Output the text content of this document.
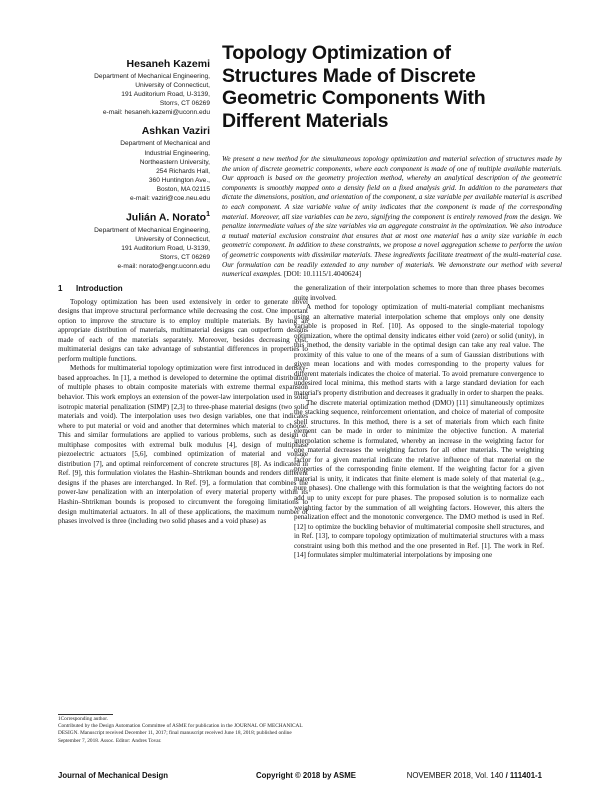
Hesaneh Kazemi
Department of Mechanical Engineering,
University of Connecticut,
191 Auditorium Road, U-3139,
Storrs, CT 06269
e-mail: hesaneh.kazemi@uconn.edu
Ashkan Vaziri
Department of Mechanical and
Industrial Engineering,
Northeastern University,
254 Richards Hall,
360 Huntington Ave.,
Boston, MA 02115
e-mail: vaziri@coe.neu.edu
Julián A. Norato$^1$
Department of Mechanical Engineering,
University of Connecticut,
191 Auditorium Road, U-3139,
Storrs, CT 06269
e-mail: norato@engr.uconn.edu
Topology Optimization of
Structures Made of Discrete
Geometric Components With
Different Materials
We present a new method for the simultaneous topology optimization and material selection of structures made by the union of discrete geometric components, where each component is made of one of multiple available materials. Our approach is based on the geometry projection method, whereby an analytical description of the geometric components is smoothly mapped onto a density field on a fixed analysis grid. In addition to the parameters that dictate the dimensions, position, and orientation of the component, a size variable per available material is ascribed to each component. A size variable value of unity indicates that the component is made of the corresponding material. Moreover, all size variables can be zero, signifying the component is entirely removed from the design. We penalize intermediate values of the size variables via an aggregate constraint in the optimization. We also introduce a mutual material exclusion constraint that ensures that at most one material has a unity size variable in each geometric component. In addition to these constraints, we propose a novel aggregation scheme to perform the union of geometric components with dissimilar materials. These ingredients facilitate treatment of the multi-material case. Our formulation can be readily extended to any number of materials. We demonstrate our method with several numerical examples. [DOI: 10.1115/1.4040624]
1 Introduction

Topology optimization has been used extensively in order to generate novel designs that improve structural performance while decreasing the cost. One important option to improve the structure is to employ multiple materials. By having an appropriate distribution of materials, multimaterial designs can outperform designs made of each of the materials separately. Moreover, besides decreasing cost, multimaterial designs can take advantage of substantial differences in properties to perform multiple functions.

Methods for multimaterial topology optimization were first introduced in density-based approaches. In [1], a method is developed to determine the optimal distribution of multiple phases to obtain composite materials with extreme thermal expansion behavior. This work employs an extension of the power-law interpolation used in solid isotropic material penalization (SIMP) [2,3] to three-phase material designs (two solid materials and void). The interpolation uses two design variables, one that indicates where to put material or void and another that determines which material to choose. This and similar formulations are applied to various problems, such as design of multiphase composites with extremal bulk modulus [4], design of multiphase piezoelectric actuators [5,6], combined optimization of material and voltage distribution [7], and optimal reinforcement of concrete structures [8]. As indicated in Ref. [9], this formulation violates the Hashin–Shtrikman bounds and renders different designs if the phases are interchanged. In Ref. [9], a formulation that combines the power-law penalization with an interpolation of every material property within its Hashin–Shtrikman bounds is proposed to circumvent the foregoing limitations to design multimaterial actuators. In all of these applications, the maximum number of phases involved is three (including two solid phases and a void phase) as

the generalization of their interpolation schemes to more than three phases becomes quite involved.

A method for topology optimization of multi-material compliant mechanisms using an alternative material interpolation scheme that employs only one density variable is proposed in Ref. [10]. As opposed to the single-material topology optimization, where the optimal density indicates either void (zero) or solid (unity), in this method, the density variable in the optimal design can take any real value. The proximity of this value to one of the means of a sum of Gaussian distributions with given mean locations and with modes corresponding to the property values for different materials indicates the choice of material. To avoid premature convergence to undesired local minima, this method starts with a large standard deviation for each material's property distribution and decreases it gradually in order to sharpen the peaks.

The discrete material optimization method (DMO) [11] simultaneously optimizes the stacking sequence, reinforcement orientation, and choice of material of composite shell structures. In this method, there is a set of materials from which each finite element can be made in order to minimize the objective function. A material interpolation scheme is formulated, whereby an increase in the weighting factor for one material decreases the weighting factors for all other materials. The weighting factor for a given material indicate the relative influence of that material on the properties of the corresponding finite element. If the weighting factor for a given material is unity, it indicates that finite element is made solely of that material (e.g., pure phases). One challenge with this formulation is that the weighting factors do not add up to unity except for pure phases. The proposed solution is to normalize each weighting factor by the summation of all weighting factors. However, this alters the penalization effect and the monotonic convergence. The DMO method is used in Ref. [12] to optimize the buckling behavior of multimaterial composite shell structures, and in Ref. [13], to compare topology optimization of multimaterial structures with a mass constraint using both this method and the one presented in Ref. [1]. The work in Ref. [14] formulates simpler multimaterial interpolations by imposing one

1Corresponding author.

Contributed by the Design Automation Committee of ASME for publication in the JOURNAL OF MECHANICAL DESIGN. Manuscript received December 11, 2017; final manuscript received June 18, 2018; published online September 7, 2018. Assoc. Editor: Andres Tovar.

Journal of Mechanical Design	Copyright © 2018 by ASME	NOVEMBER 2018, Vol. 140 / 111401-1
